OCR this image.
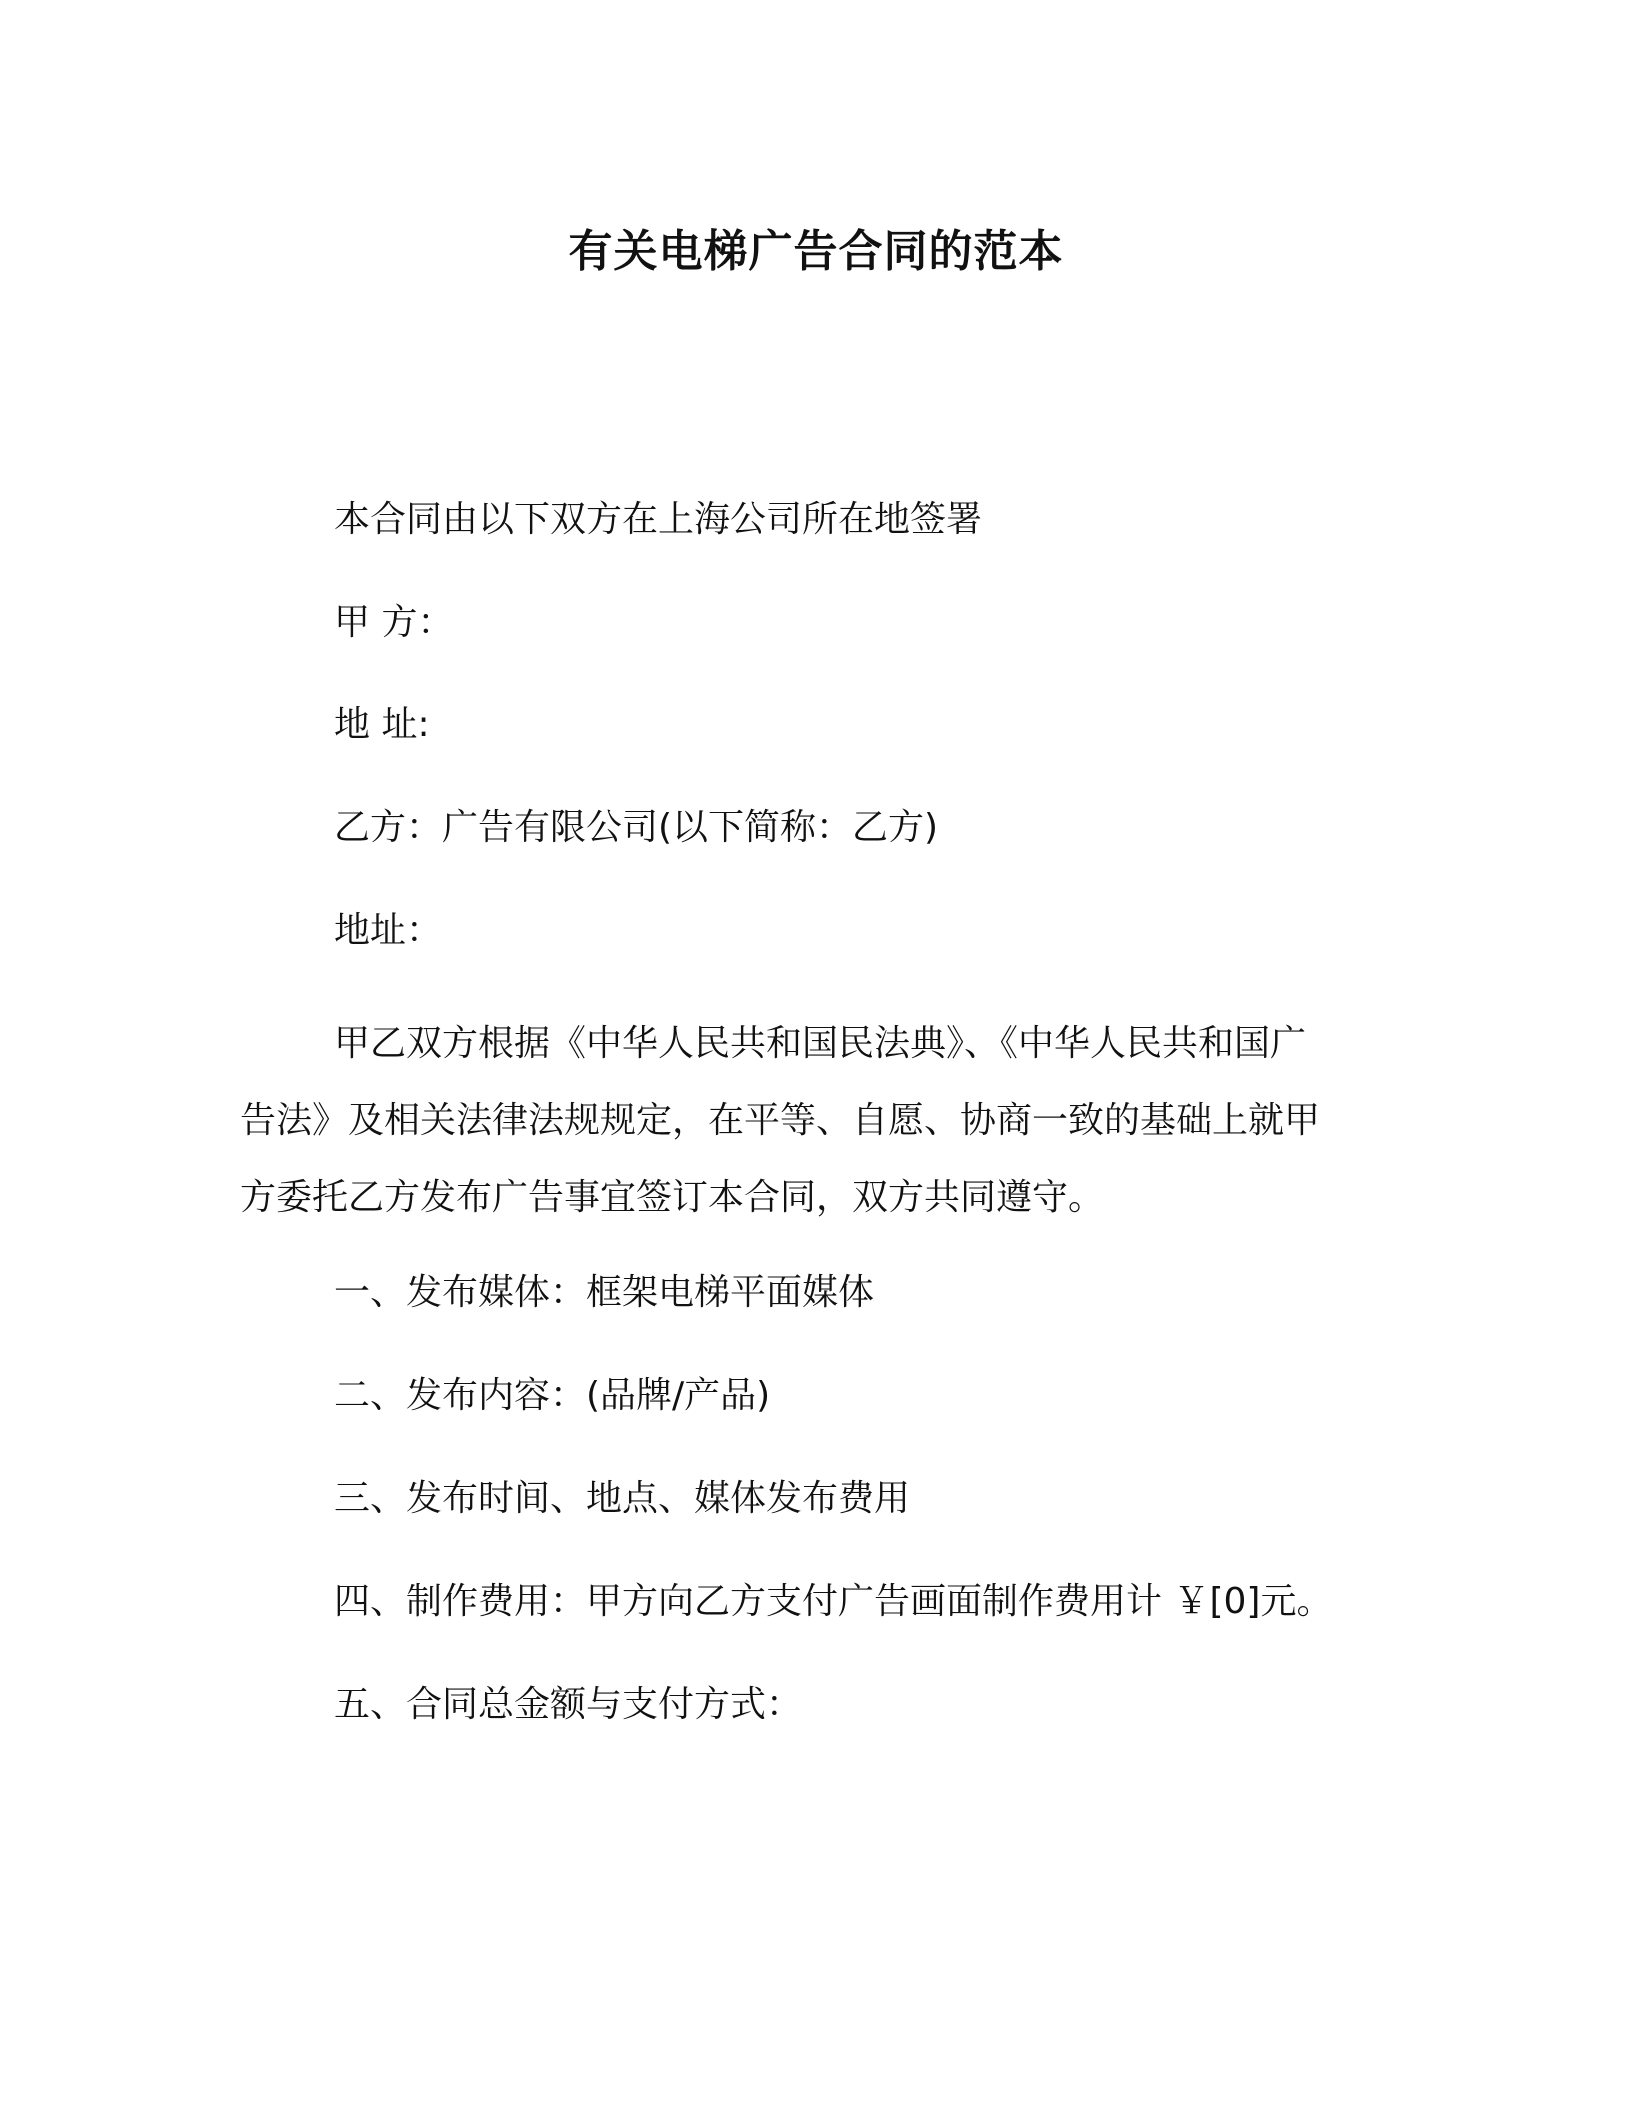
有关电梯广告合同的范本
本合同由以下双方在上海公司所在地签署
甲 方：
地 址:
乙方：广告有限公司(以下简称：乙方)
地址：
甲乙双方根据《中华人民共和国民法典》、《中华人民共和国广
告法》及相关法律法规规定，在平等、自愿、协商一致的基础上就甲
方委托乙方发布广告事宜签订本合同，双方共同遵守。
一、发布媒体：框架电梯平面媒体
二、发布内容：(品牌/产品)
三、发布时间、地点、媒体发布费用
四、制作费用：甲方向乙方支付广告画面制作费用计 ￥[0]元。
五、合同总金额与支付方式：
